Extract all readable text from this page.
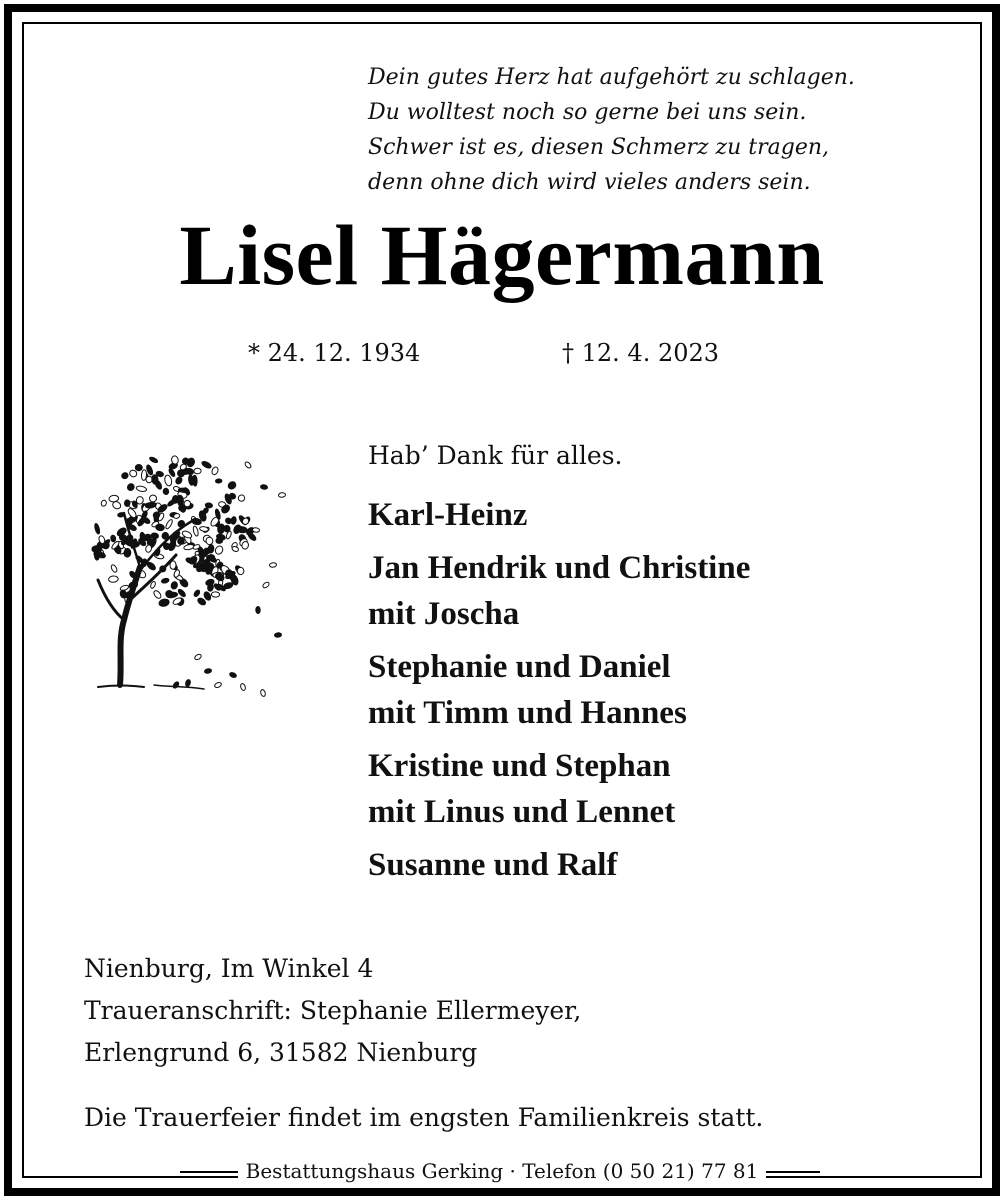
Dein gutes Herz hat aufgehört zu schlagen.
Du wolltest noch so gerne bei uns sein.
Schwer ist es, diesen Schmerz zu tragen,
denn ohne dich wird vieles anders sein.
Lisel Hägermann
* 24. 12. 1934	† 12. 4. 2023
Hab’ Dank für alles.
Karl-Heinz
Jan Hendrik und Christine
mit Joscha
Stephanie und Daniel
mit Timm und Hannes
Kristine und Stephan
mit Linus und Lennet
Susanne und Ralf
Nienburg, Im Winkel 4
Traueranschrift: Stephanie Ellermeyer,
Erlengrund 6, 31582 Nienburg
Die Trauerfeier findet im engsten Familienkreis statt.
Bestattungshaus Gerking · Telefon (0 50 21) 77 81
